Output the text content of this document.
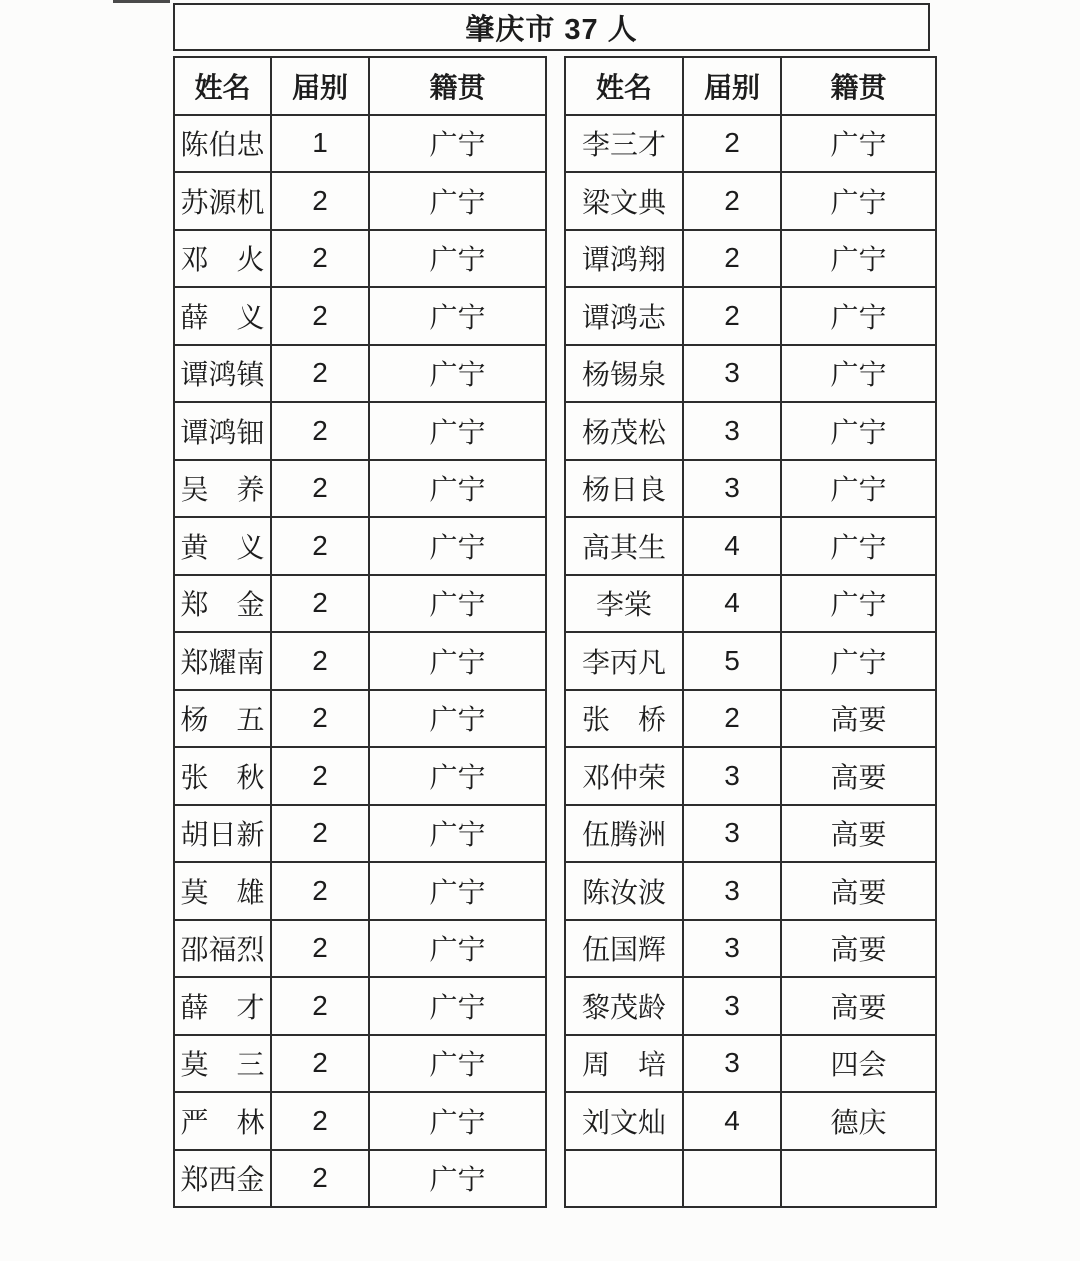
肇庆市 37 人
姓名	届别	籍贯
陈伯忠	1	广宁
苏源机	2	广宁
邓　火	2	广宁
薛　义	2	广宁
谭鸿镇	2	广宁
谭鸿钿	2	广宁
吴　养	2	广宁
黄　义	2	广宁
郑　金	2	广宁
郑耀南	2	广宁
杨　五	2	广宁
张　秋	2	广宁
胡日新	2	广宁
莫　雄	2	广宁
邵福烈	2	广宁
薛　才	2	广宁
莫　三	2	广宁
严　林	2	广宁
郑西金	2	广宁
姓名	届别	籍贯
李三才	2	广宁
梁文典	2	广宁
谭鸿翔	2	广宁
谭鸿志	2	广宁
杨锡泉	3	广宁
杨茂松	3	广宁
杨日良	3	广宁
高其生	4	广宁
李棠	4	广宁
李丙凡	5	广宁
张　桥	2	高要
邓仲荣	3	高要
伍腾洲	3	高要
陈汝波	3	高要
伍国辉	3	高要
黎茂龄	3	高要
周　培	3	四会
刘文灿	4	德庆
